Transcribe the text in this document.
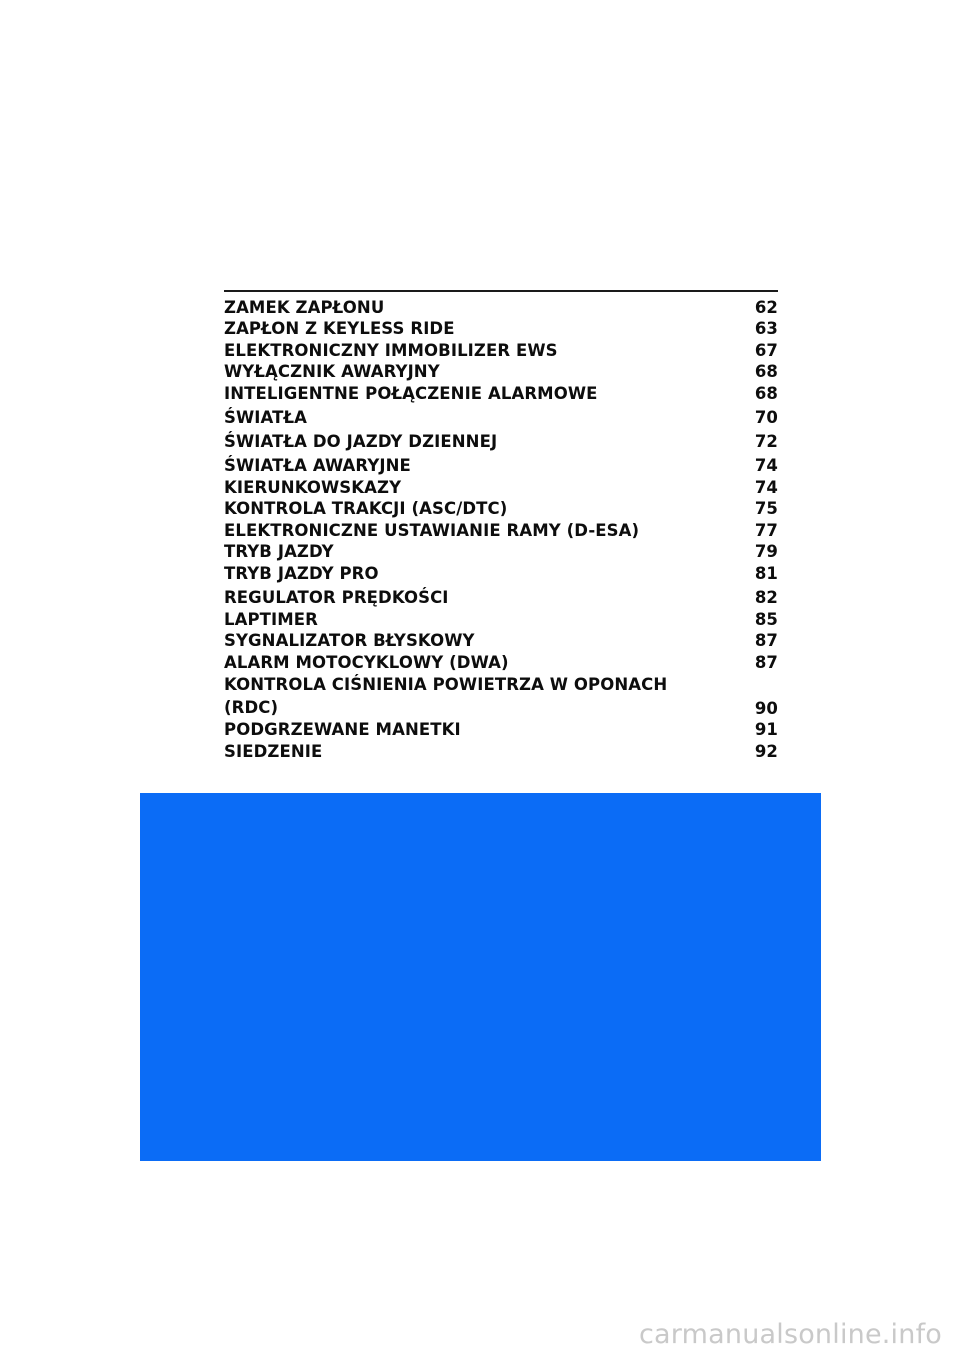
ZAMEK ZAPŁONU	62
ZAPŁON Z KEYLESS RIDE	63
ELEKTRONICZNY IMMOBILIZER EWS	67
WYŁĄCZNIK AWARYJNY	68
INTELIGENTNE POŁĄCZENIE ALARMOWE	68
ŚWIATŁA	70
ŚWIATŁA DO JAZDY DZIENNEJ	72
ŚWIATŁA AWARYJNE	74
KIERUNKOWSKAZY	74
KONTROLA TRAKCJI (ASC/DTC)	75
ELEKTRONICZNE USTAWIANIE RAMY (D-ESA)	77
TRYB JAZDY	79
TRYB JAZDY PRO	81
REGULATOR PRĘDKOŚCI	82
LAPTIMER	85
SYGNALIZATOR BŁYSKOWY	87
ALARM MOTOCYKLOWY (DWA)	87
KONTROLA CIŚNIENIA POWIETRZA W OPONACH (RDC)	90
PODGRZEWANE MANETKI	91
SIEDZENIE	92
carmanualsonline.info
